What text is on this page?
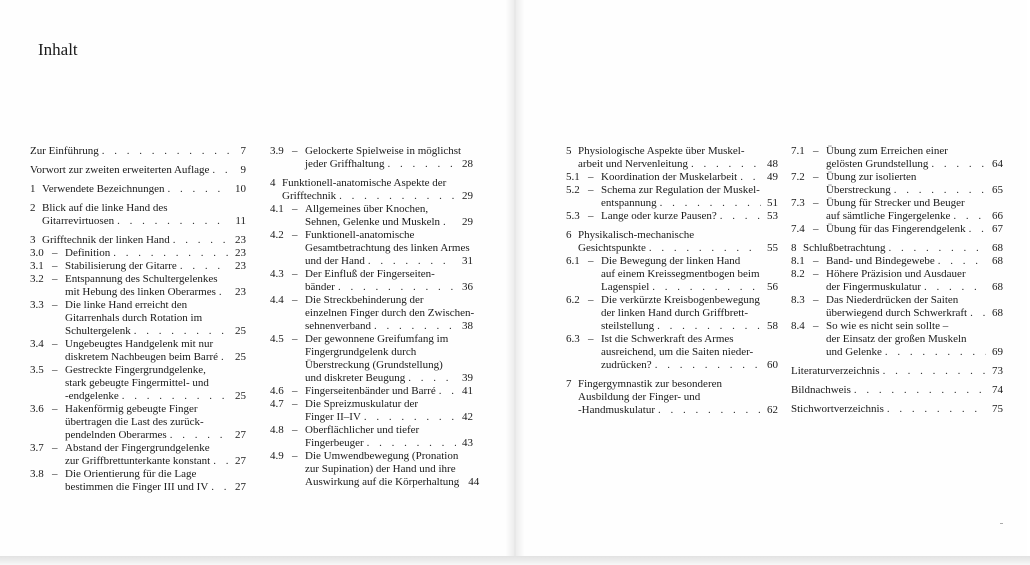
Inhalt
Zur Einführung . . .	7
Vorwort zur zweiten erweiterten Auflage . . .	9
1 Verwendete Bezeichnungen . . .	10
2 Blick auf die linke Hand des
Gitarrevirtuosen . . .	11
3 Grifftechnik der linken Hand . . .	23
3.0 – Definition . . .	23
3.1 – Stabilisierung der Gitarre . . .	23
3.2 – Entspannung des Schultergelenkes
mit Hebung des linken Oberarmes . . . 23
3.3 – Die linke Hand erreicht den
Gitarrenhals durch Rotation im
Schultergelenk . . .	25
3.4 – Ungebeugtes Handgelenk mit nur
diskretem Nachbeugen beim Barré . . . 25
3.5 – Gestreckte Fingergrundgelenke,
stark gebeugte Fingermittel- und
-endgelenke . . .	25
3.6 – Hakenförmig gebeugte Finger
übertragen die Last des zurück-
pendelnden Oberarmes . . .	27
3.7 – Abstand der Fingergrundgelenke
zur Griffbrettunterkante konstant . . . 27
3.8 – Die Orientierung für die Lage
bestimmen die Finger III und IV . . . 27
3.9 – Gelockerte Spielweise in möglichst
jeder Griffhaltung . . .	28
4 Funktionell-anatomische Aspekte der
Grifftechnik . . .	29
4.1 – Allgemeines über Knochen,
Sehnen, Gelenke und Muskeln . . . 29
4.2 – Funktionell-anatomische
Gesamtbetrachtung des linken Armes
und der Hand . . .	31
4.3 – Der Einfluß der Fingerseiten-
bänder . . .	36
4.4 – Die Streckbehinderung der
einzelnen Finger durch den Zwischen-
sehnenverband . . .	38
4.5 – Der gewonnene Greifumfang im
Fingergrundgelenk durch
Überstreckung (Grundstellung)
und diskreter Beugung . . .	39
4.6 – Fingerseitenbänder und Barré . . . 41
4.7 – Die Spreizmuskulatur der
Finger II–IV . . .	42
4.8 – Oberflächlicher und tiefer
Fingerbeuger . . .	43
4.9 – Die Umwendbewegung (Pronation
zur Supination) der Hand und ihre
Auswirkung auf die Körperhaltung 44
5 Physiologische Aspekte über Muskel-
arbeit und Nervenleitung . . .	48
5.1 – Koordination der Muskelarbeit . . .	49
5.2 – Schema zur Regulation der Muskel-
entspannung . . .	51
5.3 – Lange oder kurze Pausen? . . .	53
6 Physikalisch-mechanische
Gesichtspunkte . . .	55
6.1 – Die Bewegung der linken Hand
auf einem Kreissegmentbogen beim
Lagenspiel . . .	56
6.2 – Die verkürzte Kreisbogenbewegung
der linken Hand durch Griffbrett-
steilstellung . . .	58
6.3 – Ist die Schwerkraft des Armes
ausreichend, um die Saiten nieder-
zudrücken? . . .	60
7 Fingergymnastik zur besonderen
Ausbildung der Finger- und
-Handmuskulatur . . .	62
7.1 – Übung zum Erreichen einer
gelösten Grundstellung . . .	64
7.2 – Übung zur isolierten
Überstreckung . . .	65
7.3 – Übung für Strecker und Beuger
auf sämtliche Fingergelenke . . .	66
7.4 – Übung für das Fingerendgelenk . . . 67
8 Schlußbetrachtung . . .	68
8.1 – Band- und Bindegewebe . . .	68
8.2 – Höhere Präzision und Ausdauer
der Fingermuskulatur . . .	68
8.3 – Das Niederdrücken der Saiten
überwiegend durch Schwerkraft . . . 68
8.4 – So wie es nicht sein sollte –
der Einsatz der großen Muskeln
und Gelenke . . .	69
Literaturverzeichnis . . .	73
Bildnachweis . . .	74
Stichwortverzeichnis . . .	75
